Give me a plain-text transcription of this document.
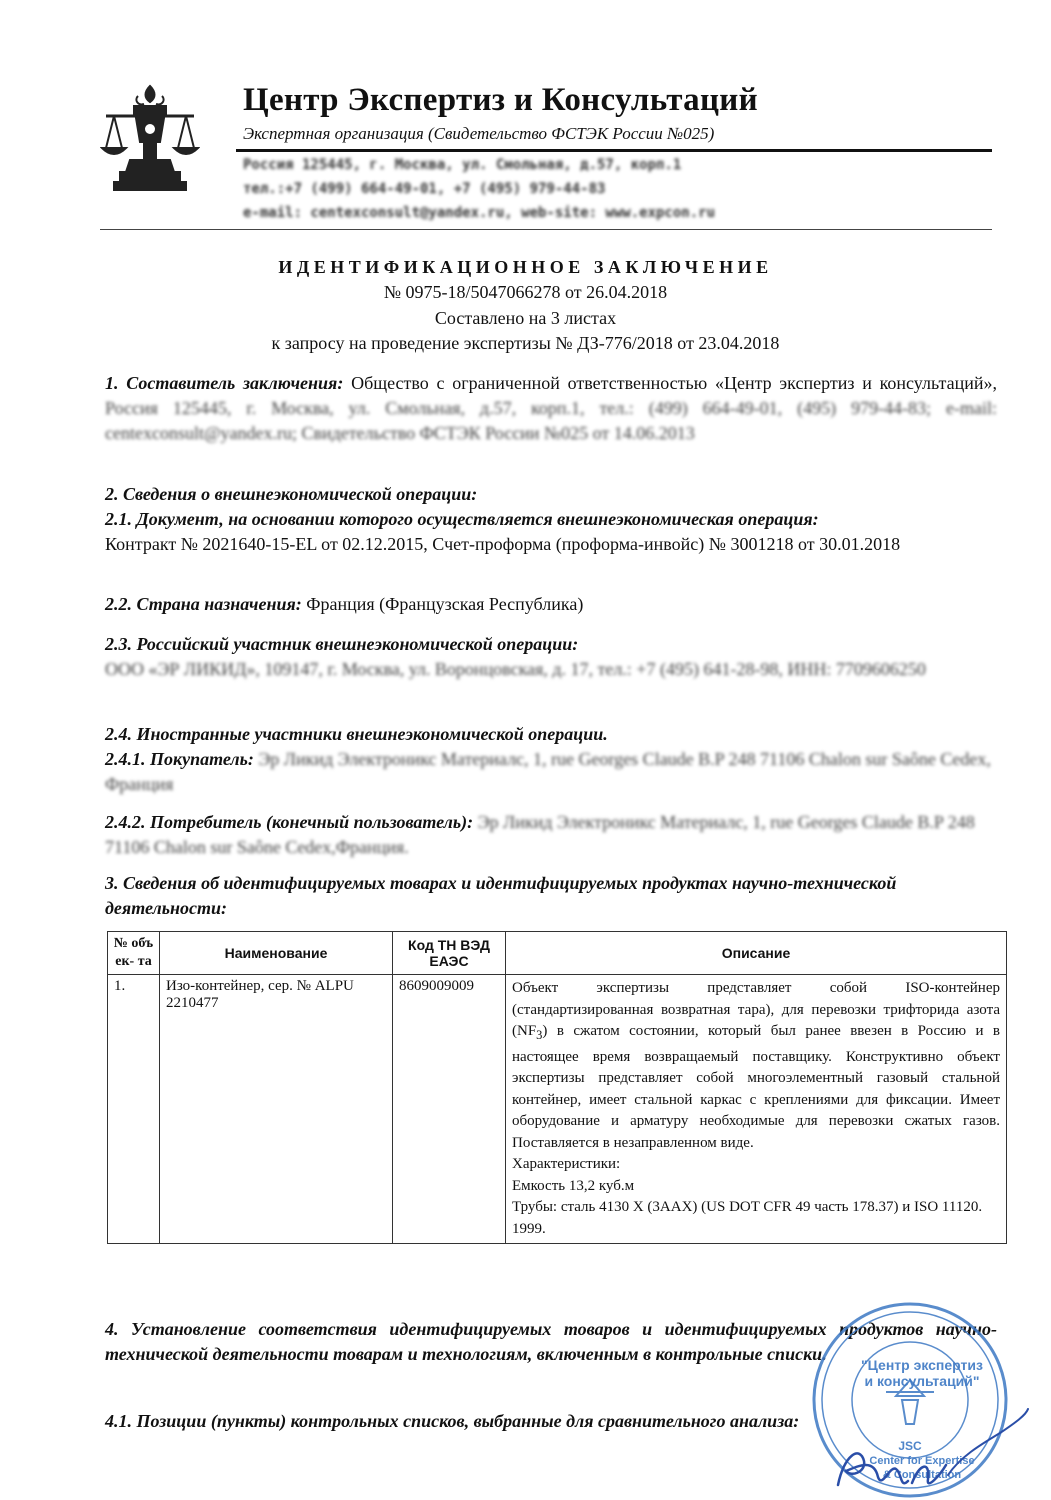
Центр Экспертиз и Консультаций
Экспертная организация (Свидетельство ФСТЭК России №025)
Россия 125445, г. Москва, ул. Смольная, д.57, корп.1
тел.:+7 (499) 664-49-01, +7 (495) 979-44-83
e-mail: centexconsult@yandex.ru, web-site: www.expcon.ru
ИДЕНТИФИКАЦИОННОЕ ЗАКЛЮЧЕНИЕ
№ 0975-18/5047066278 от 26.04.2018
Составлено на 3 листах
к запросу на проведение экспертизы № ДЗ-776/2018 от 23.04.2018
1. Составитель заключения: Общество с ограниченной ответственностью «Центр экспертиз и консультаций», Россия 125445, г. Москва, ул. Смольная, д.57, корп.1, тел.: (499) 664-49-01, (495) 979-44-83; e-mail: centexconsult@yandex.ru; Свидетельство ФСТЭК России №025 от 14.06.2013
2. Сведения о внешнеэкономической операции:
2.1. Документ, на основании которого осуществляется внешнеэкономическая операция:
Контракт № 2021640-15-EL от 02.12.2015, Счет-проформа (проформа-инвойс) № 3001218 от 30.01.2018
2.2. Страна назначения: Франция (Французская Республика)
2.3. Российский участник внешнеэкономической операции:
ООО «ЭР ЛИКИД», 109147, г. Москва, ул. Воронцовская, д. 17, тел.: +7 (495) 641-28-98, ИНН: 7709606250
2.4. Иностранные участники внешнеэкономической операции.
2.4.1. Покупатель: Эр Ликид Электроникс Материалс, 1, rue Georges Claude B.P 248 71106 Chalon sur Saône Cedex, Франция
2.4.2. Потребитель (конечный пользователь): Эр Ликид Электроникс Материалс, 1, rue Georges Claude B.P 248 71106 Chalon sur Saône Cedex,Франция.
3. Сведения об идентифицируемых товарах и идентифицируемых продуктах научно-технической деятельности:
№ объ ек- та	Наименование	Код ТН ВЭД ЕАЭС	Описание
1.	Изо-контейнер, сер. № ALPU 2210477	8609009009	Объект экспертизы представляет собой ISO-контейнер (стандартизированная возвратная тара), для перевозки трифторида азота $(NF_3)$ в сжатом состоянии, который был ранее ввезен в Россию и в настоящее время возвращаемый поставщику. Конструктивно объект экспертизы представляет собой многоэлементный газовый стальной контейнер, имеет стальной каркас с креплениями для фиксации. Имеет оборудование и арматуру необходимые для перевозки сжатых газов. Поставляется в незаправленном виде.
Характеристики:
Емкость 13,2 куб.м
Трубы: сталь 4130 X (3AAX) (US DOT CFR 49 часть 178.37) и ISO 11120. 1999.
4. Установление соответствия идентифицируемых товаров и идентифицируемых продуктов научно-технической деятельности товарам и технологиям, включенным в контрольные списки.
4.1. Позиции (пункты) контрольных списков, выбранные для сравнительного анализа:
"Центр экспертиз
и консультаций"
JSC
Center for Expertise
& Consultation
